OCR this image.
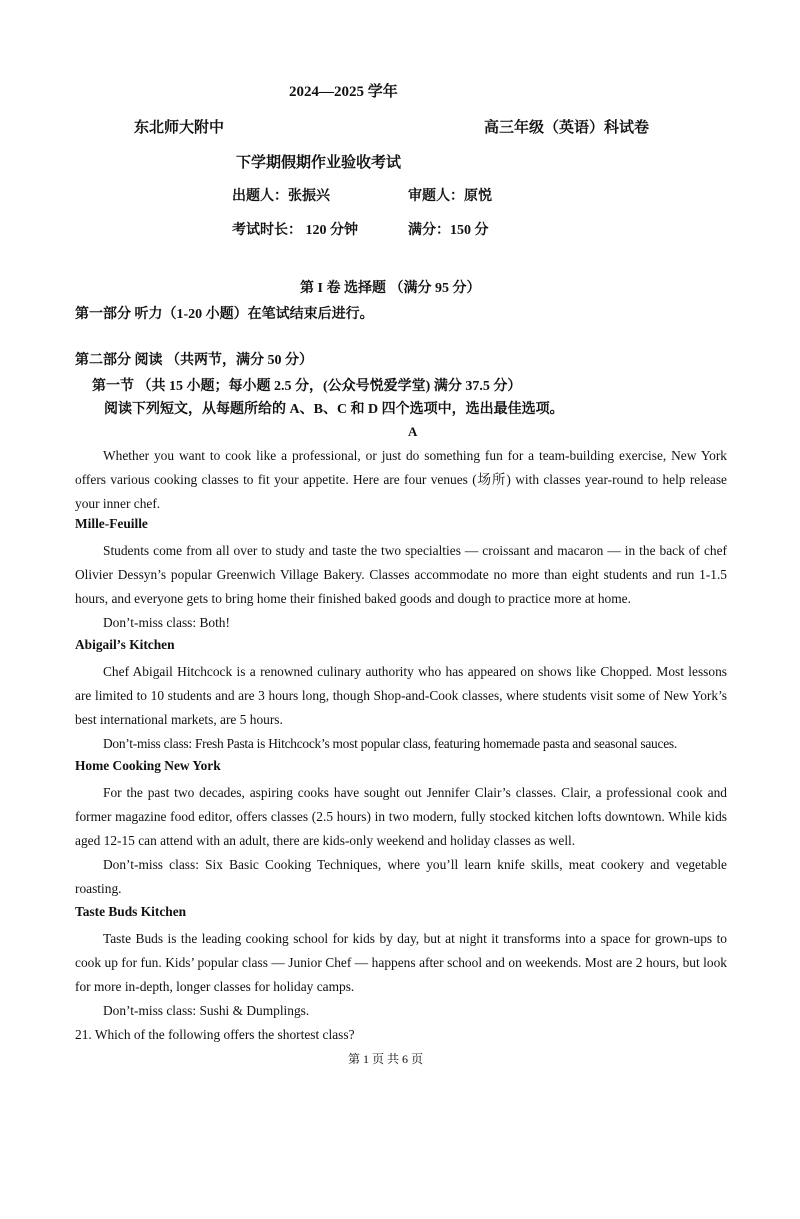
2024—2025 学年
东北师大附中	高三年级（英语）科试卷
下学期假期作业验收考试
出题人：张振兴	审题人：原悦
考试时长： 120 分钟	满分：150 分
第 I 卷 选择题 （满分 95 分）
第一部分 听力（1-20 小题）在笔试结束后进行。
第二部分 阅读 （共两节，满分 50 分）
第一节 （共 15 小题；每小题 2.5 分，(公众号悦爱学堂) 满分 37.5 分）
阅读下列短文，从每题所给的 A、B、C 和 D 四个选项中，选出最佳选项。
A
Whether you want to cook like a professional, or just do something fun for a team-building exercise, New York offers various cooking classes to fit your appetite. Here are four venues (场所) with classes year-round to help release your inner chef.
Mille-Feuille
Students come from all over to study and taste the two specialties — croissant and macaron — in the back of chef Olivier Dessyn’s popular Greenwich Village Bakery. Classes accommodate no more than eight students and run 1-1.5 hours, and everyone gets to bring home their finished baked goods and dough to practice more at home.
Don’t-miss class: Both!
Abigail’s Kitchen
Chef Abigail Hitchcock is a renowned culinary authority who has appeared on shows like Chopped. Most lessons are limited to 10 students and are 3 hours long, though Shop-and-Cook classes, where students visit some of New York’s best international markets, are 5 hours.
Don’t-miss class: Fresh Pasta is Hitchcock’s most popular class, featuring homemade pasta and seasonal sauces.
Home Cooking New York
For the past two decades, aspiring cooks have sought out Jennifer Clair’s classes. Clair, a professional cook and former magazine food editor, offers classes (2.5 hours) in two modern, fully stocked kitchen lofts downtown. While kids aged 12-15 can attend with an adult, there are kids-only weekend and holiday classes as well.
Don’t-miss class: Six Basic Cooking Techniques, where you’ll learn knife skills, meat cookery and vegetable roasting.
Taste Buds Kitchen
Taste Buds is the leading cooking school for kids by day, but at night it transforms into a space for grown-ups to cook up for fun. Kids’ popular class — Junior Chef — happens after school and on weekends. Most are 2 hours, but look for more in-depth, longer classes for holiday camps.
Don’t-miss class: Sushi & Dumplings.
21. Which of the following offers the shortest class?
第 1 页 共 6 页
